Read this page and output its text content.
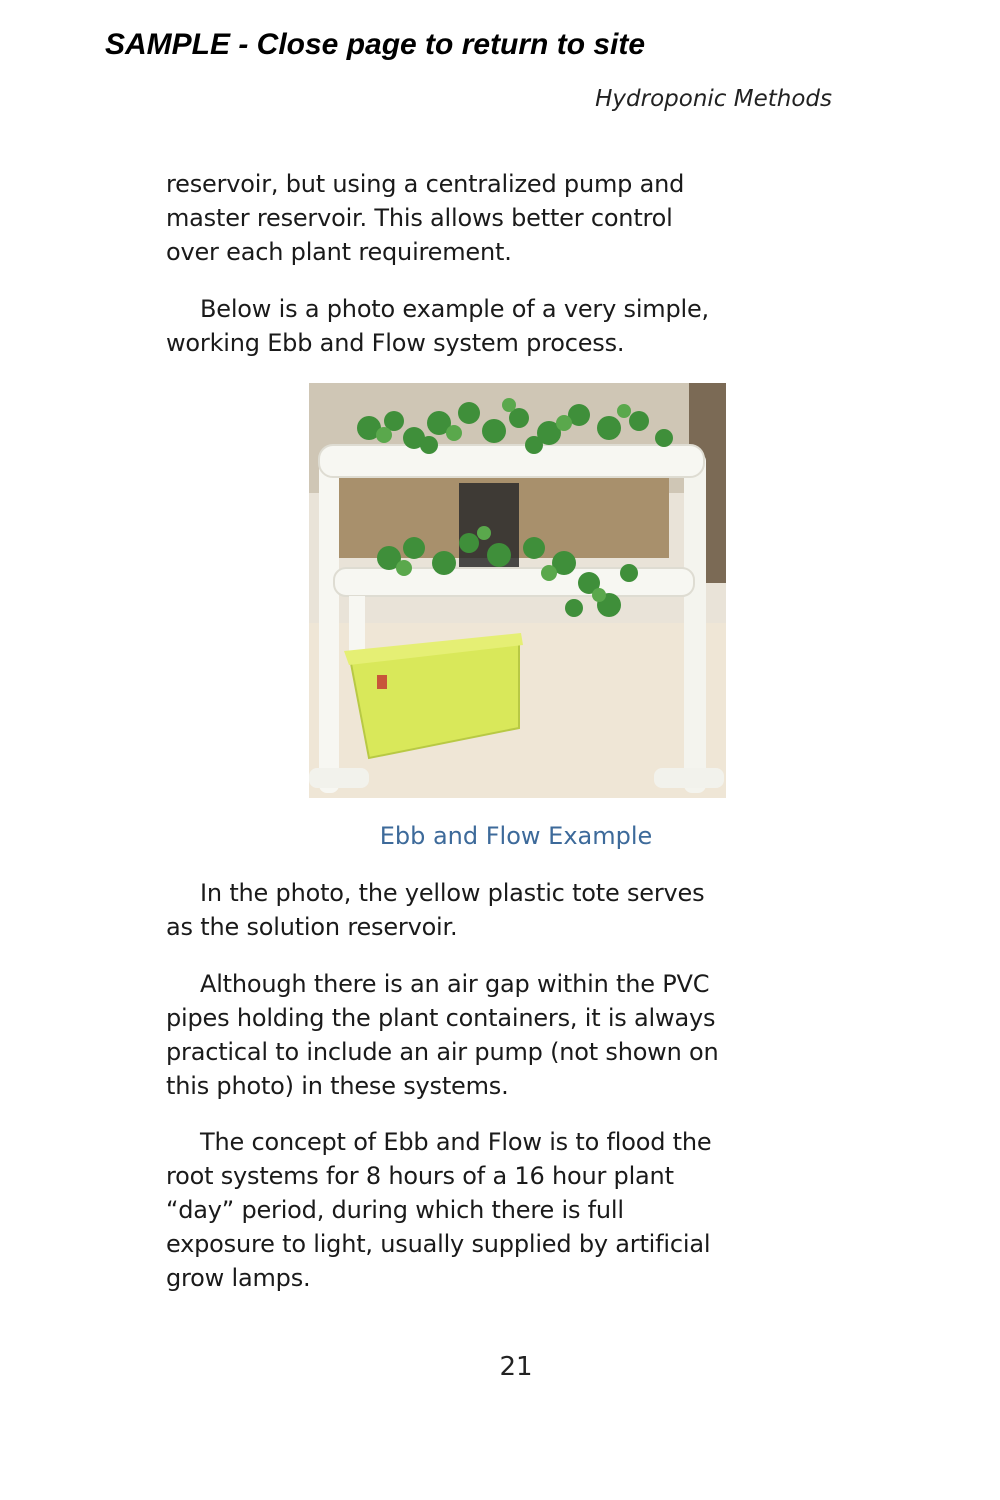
SAMPLE - Close page to return to site
Hydroponic Methods

reservoir, but using a centralized pump and
master reservoir. This allows better control
over each plant requirement.

Below is a photo example of a very simple,
working Ebb and Flow system process.

Ebb and Flow Example

In the photo, the yellow plastic tote serves
as the solution reservoir.

Although there is an air gap within the PVC
pipes holding the plant containers, it is always
practical to include an air pump (not shown on
this photo) in these systems.

The concept of Ebb and Flow is to flood the
root systems for 8 hours of a 16 hour plant
“day” period, during which there is full
exposure to light, usually supplied by artificial
grow lamps.

21
